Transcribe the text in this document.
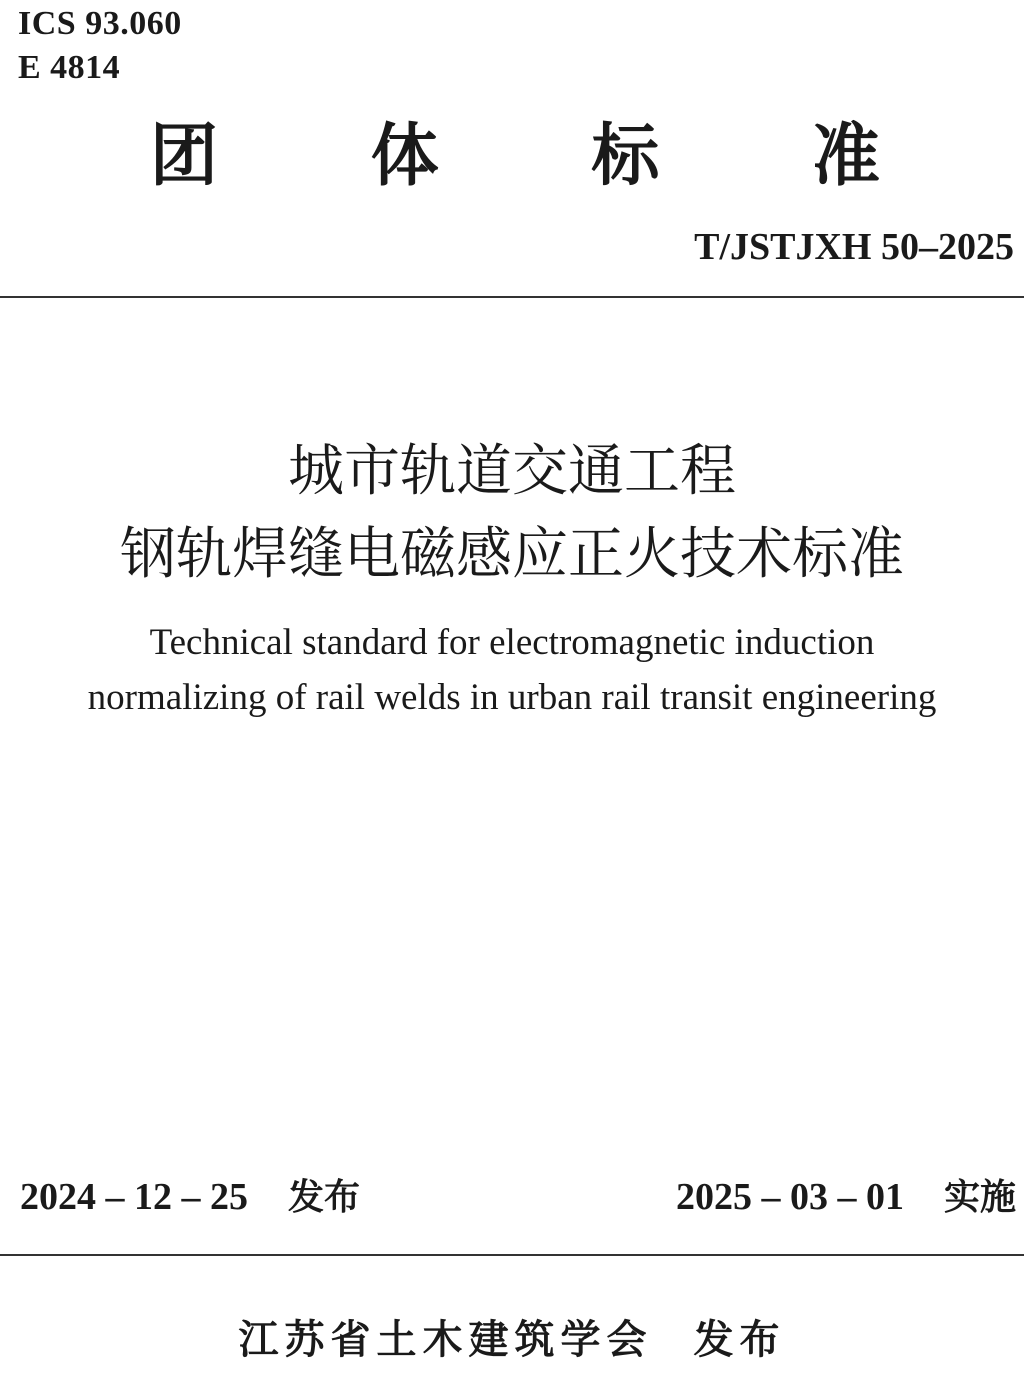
ICS 93.060
E 4814
团 体 标 准
T/JSTJXH 50–2025
城市轨道交通工程
钢轨焊缝电磁感应正火技术标准
Technical standard for electromagnetic induction
normalizing of rail welds in urban rail transit engineering
2024 – 12 – 25 发布	2025 – 03 – 01 实施
江苏省土木建筑学会 发布
